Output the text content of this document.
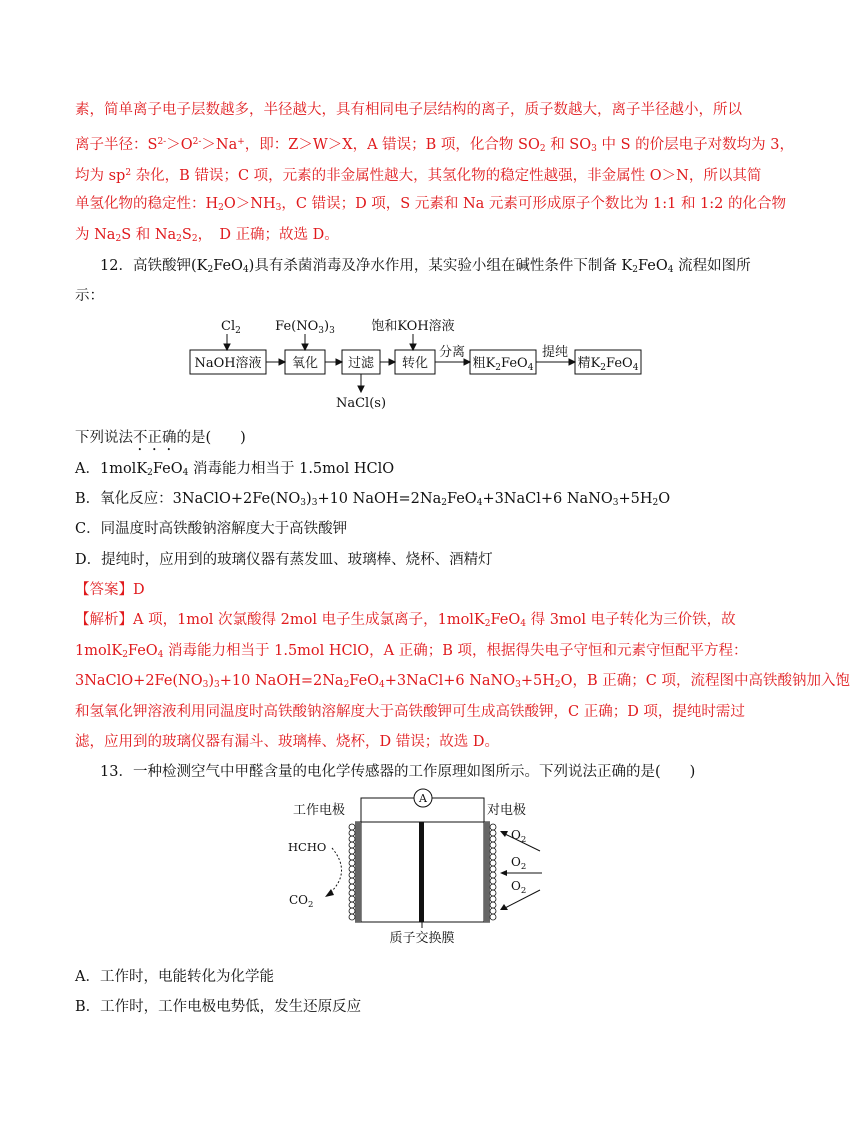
素，简单离子电子层数越多，半径越大，具有相同电子层结构的离子，质子数越大，离子半径越小，所以
离子半径：$S^{2-}>O^{2-}>Na^+$，即：Z＞W＞X，A 错误；B 项，化合物 $SO_2$ 和 $SO_3$ 中 S 的价层电子对数均为 3，
均为 $sp^2$ 杂化，B 错误；C 项，元素的非金属性越大，其氢化物的稳定性越强，非金属性 O＞N，所以其简
单氢化物的稳定性：$H_2O>NH_3$，C 错误；D 项，S 元素和 Na 元素可形成原子个数比为 1:1 和 1:2 的化合物
为 $Na_2S$ 和 $Na_2S_2$，　D 正确；故选 D。
12．高铁酸钾$(K_2FeO_4)$具有杀菌消毒及净水作用，某实验小组在碱性条件下制备 $K_2FeO_4$ 流程如图所
示：
NaOH溶液 氧化 过滤 转化	粗$K_2FeO_4$	精$K_2FeO_4$
$Cl_2$	$Fe(NO_3)_3$	饱和KOH溶液
NaCl(s)
分离	提纯
下列说法不正确的是(　　)
A．1molK$_2$FeO$_4$ 消毒能力相当于 1.5mol HClO
B．氧化反应：$3NaClO+2Fe(NO_3)_3+10$ $NaOH=2Na_2FeO_4+3NaCl+6$ $NaNO_3+5H_2O$
C．同温度时高铁酸钠溶解度大于高铁酸钾
D．提纯时，应用到的玻璃仪器有蒸发皿、玻璃棒、烧杯、酒精灯
【答案】D
【解析】A 项，1mol 次氯酸得 2mol 电子生成氯离子，1molK$_2$FeO$_4$ 得 3mol 电子转化为三价铁，故
1molK$_2$FeO$_4$ 消毒能力相当于 1.5mol HClO，A 正确；B 项，根据得失电子守恒和元素守恒配平方程：
$3NaClO+2Fe(NO_3)_3+10$ $NaOH=2Na_2FeO_4+3NaCl+6$ $NaNO_3+5H_2O$，B 正确；C 项，流程图中高铁酸钠加入饱
和氢氧化钾溶液利用同温度时高铁酸钠溶解度大于高铁酸钾可生成高铁酸钾，C 正确；D 项，提纯时需过
滤，应用到的玻璃仪器有漏斗、玻璃棒、烧杯，D 错误；故选 D。
13．一种检测空气中甲醛含量的电化学传感器的工作原理如图所示。下列说法正确的是(　　)
A
工作电极	对电极
HCHO
$CO_2$
$O_2$
$O_2$
$O_2$
质子交换膜
A．工作时，电能转化为化学能
B．工作时，工作电极电势低，发生还原反应
